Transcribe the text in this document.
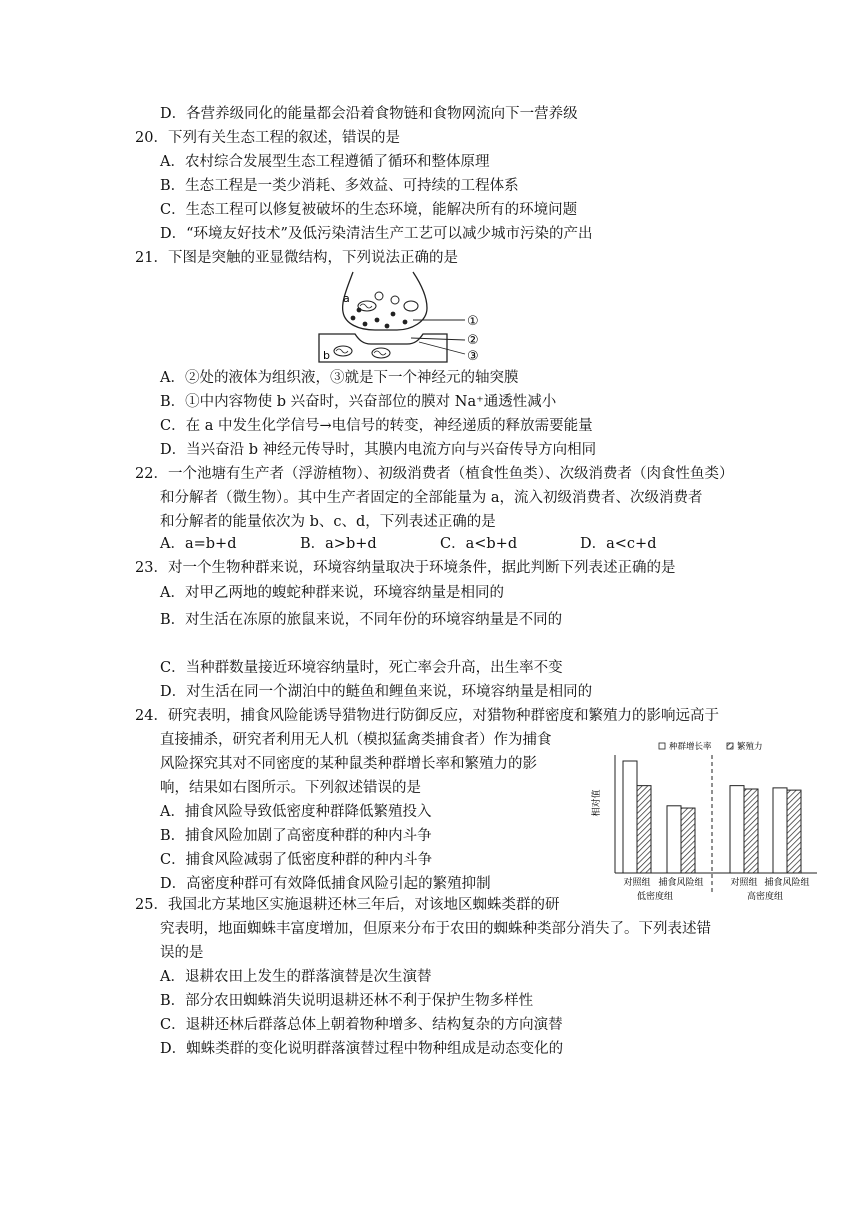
D．各营养级同化的能量都会沿着食物链和食物网流向下一营养级
20．下列有关生态工程的叙述，错误的是
A．农村综合发展型生态工程遵循了循环和整体原理
B．生态工程是一类少消耗、多效益、可持续的工程体系
C．生态工程可以修复被破坏的生态环境，能解决所有的环境问题
D．“环境友好技术”及低污染清洁生产工艺可以减少城市污染的产出
21．下图是突触的亚显微结构，下列说法正确的是
a
b
①
②
③
A．②处的液体为组织液，③就是下一个神经元的轴突膜
B．①中内容物使 b 兴奋时，兴奋部位的膜对 Na⁺通透性减小
C．在 a 中发生化学信号→电信号的转变，神经递质的释放需要能量
D．当兴奋沿 b 神经元传导时，其膜内电流方向与兴奋传导方向相同
22．一个池塘有生产者（浮游植物）、初级消费者（植食性鱼类）、次级消费者（肉食性鱼类）
和分解者（微生物）。其中生产者固定的全部能量为 a，流入初级消费者、次级消费者
和分解者的能量依次为 b、c、d，下列表述正确的是
A．a=b+d	B．a>b+d	C．a<b+d	D．a<c+d
23．对一个生物种群来说，环境容纳量取决于环境条件，据此判断下列表述正确的是
A．对甲乙两地的蝮蛇种群来说，环境容纳量是相同的
B．对生活在冻原的旅鼠来说，不同年份的环境容纳量是不同的
C．当种群数量接近环境容纳量时，死亡率会升高，出生率不变
D．对生活在同一个湖泊中的鲢鱼和鲤鱼来说，环境容纳量是相同的
24．研究表明，捕食风险能诱导猎物进行防御反应，对猎物种群密度和繁殖力的影响远高于
直接捕杀，研究者利用无人机（模拟猛禽类捕食者）作为捕食
风险探究其对不同密度的某种鼠类种群增长率和繁殖力的影
响，结果如右图所示。下列叙述错误的是
A．捕食风险导致低密度种群降低繁殖投入
B．捕食风险加剧了高密度种群的种内斗争
C．捕食风险减弱了低密度种群的种内斗争
D．高密度种群可有效降低捕食风险引起的繁殖抑制
种群增长率	繁殖力
相对值
对照组 捕食风险组	对照组 捕食风险组
低密度组	高密度组
25．我国北方某地区实施退耕还林三年后，对该地区蜘蛛类群的研
究表明，地面蜘蛛丰富度增加，但原来分布于农田的蜘蛛种类部分消失了。下列表述错
误的是
A．退耕农田上发生的群落演替是次生演替
B．部分农田蜘蛛消失说明退耕还林不利于保护生物多样性
C．退耕还林后群落总体上朝着物种增多、结构复杂的方向演替
D．蜘蛛类群的变化说明群落演替过程中物种组成是动态变化的
